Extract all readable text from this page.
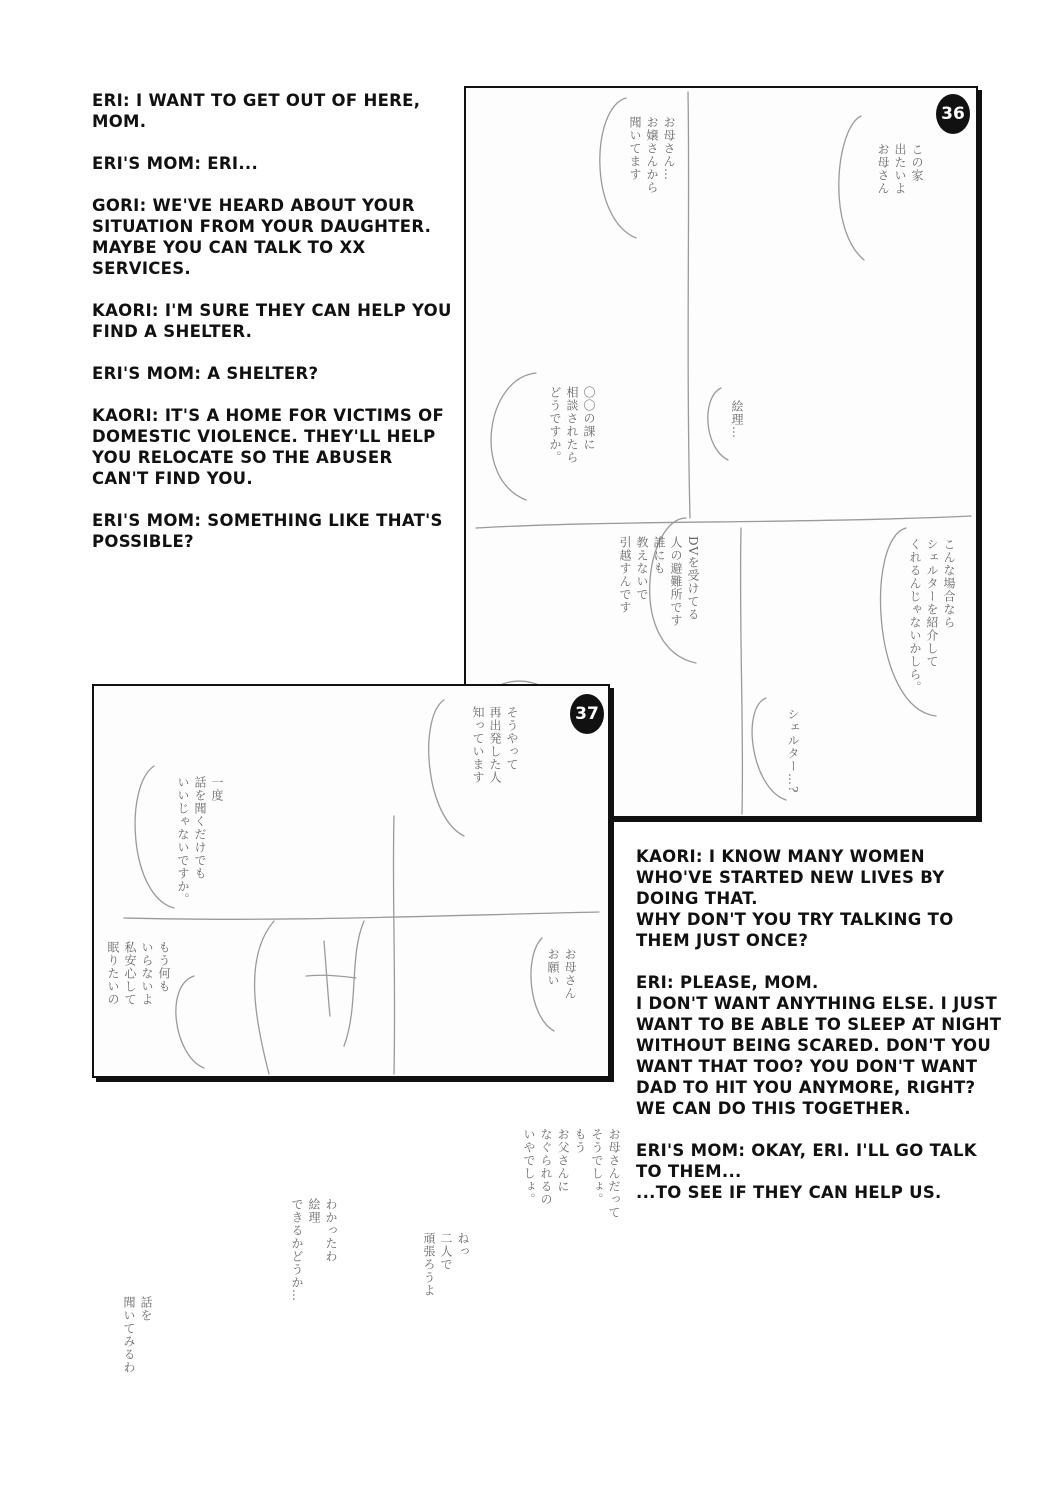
ERI: I WANT TO GET OUT OF HERE, MOM.

ERI'S MOM: ERI...

GORI: WE'VE HEARD ABOUT YOUR SITUATION FROM YOUR DAUGHTER. MAYBE YOU CAN TALK TO XX SERVICES.

KAORI: I'M SURE THEY CAN HELP YOU FIND A SHELTER.

ERI'S MOM: A SHELTER?

KAORI: IT'S A HOME FOR VICTIMS OF DOMESTIC VIOLENCE. THEY'LL HELP YOU RELOCATE SO THE ABUSER CAN'T FIND YOU.

ERI'S MOM: SOMETHING LIKE THAT'S POSSIBLE?

36
この家
出たいよ
お母さん
お母さん…
お嬢さんから
聞いてます
絵理…
〇〇の課に
相談されたら
どうですか。
こんな場合なら
シェルターを紹介して
くれるんじゃないかしら。
DVを受けてる
人の避難所です
誰にも
教えないで
引越すんです
シェルター…?
37
そうやって
再出発した人
知っています
一度
話を聞くだけでも
いいじゃないですか。
お母さん
お願い
もう何も
いらないよ
私安心して
眠りたいの

KAORI: I KNOW MANY WOMEN WHO'VE STARTED NEW LIVES BY DOING THAT.
WHY DON'T YOU TRY TALKING TO THEM JUST ONCE?

ERI: PLEASE, MOM.
I DON'T WANT ANYTHING ELSE. I JUST WANT TO BE ABLE TO SLEEP AT NIGHT WITHOUT BEING SCARED. DON'T YOU WANT THAT TOO? YOU DON'T WANT DAD TO HIT YOU ANYMORE, RIGHT?
WE CAN DO THIS TOGETHER.

ERI'S MOM: OKAY, ERI. I'LL GO TALK TO THEM...
...TO SEE IF THEY CAN HELP US.

お母さんだって
そうでしょ。
もう
お父さんに
なぐられるの
いやでしょ。
ねっ
二人で
頑張ろうよ
わかったわ
絵理
できるかどうか…
話を
聞いてみるわ
